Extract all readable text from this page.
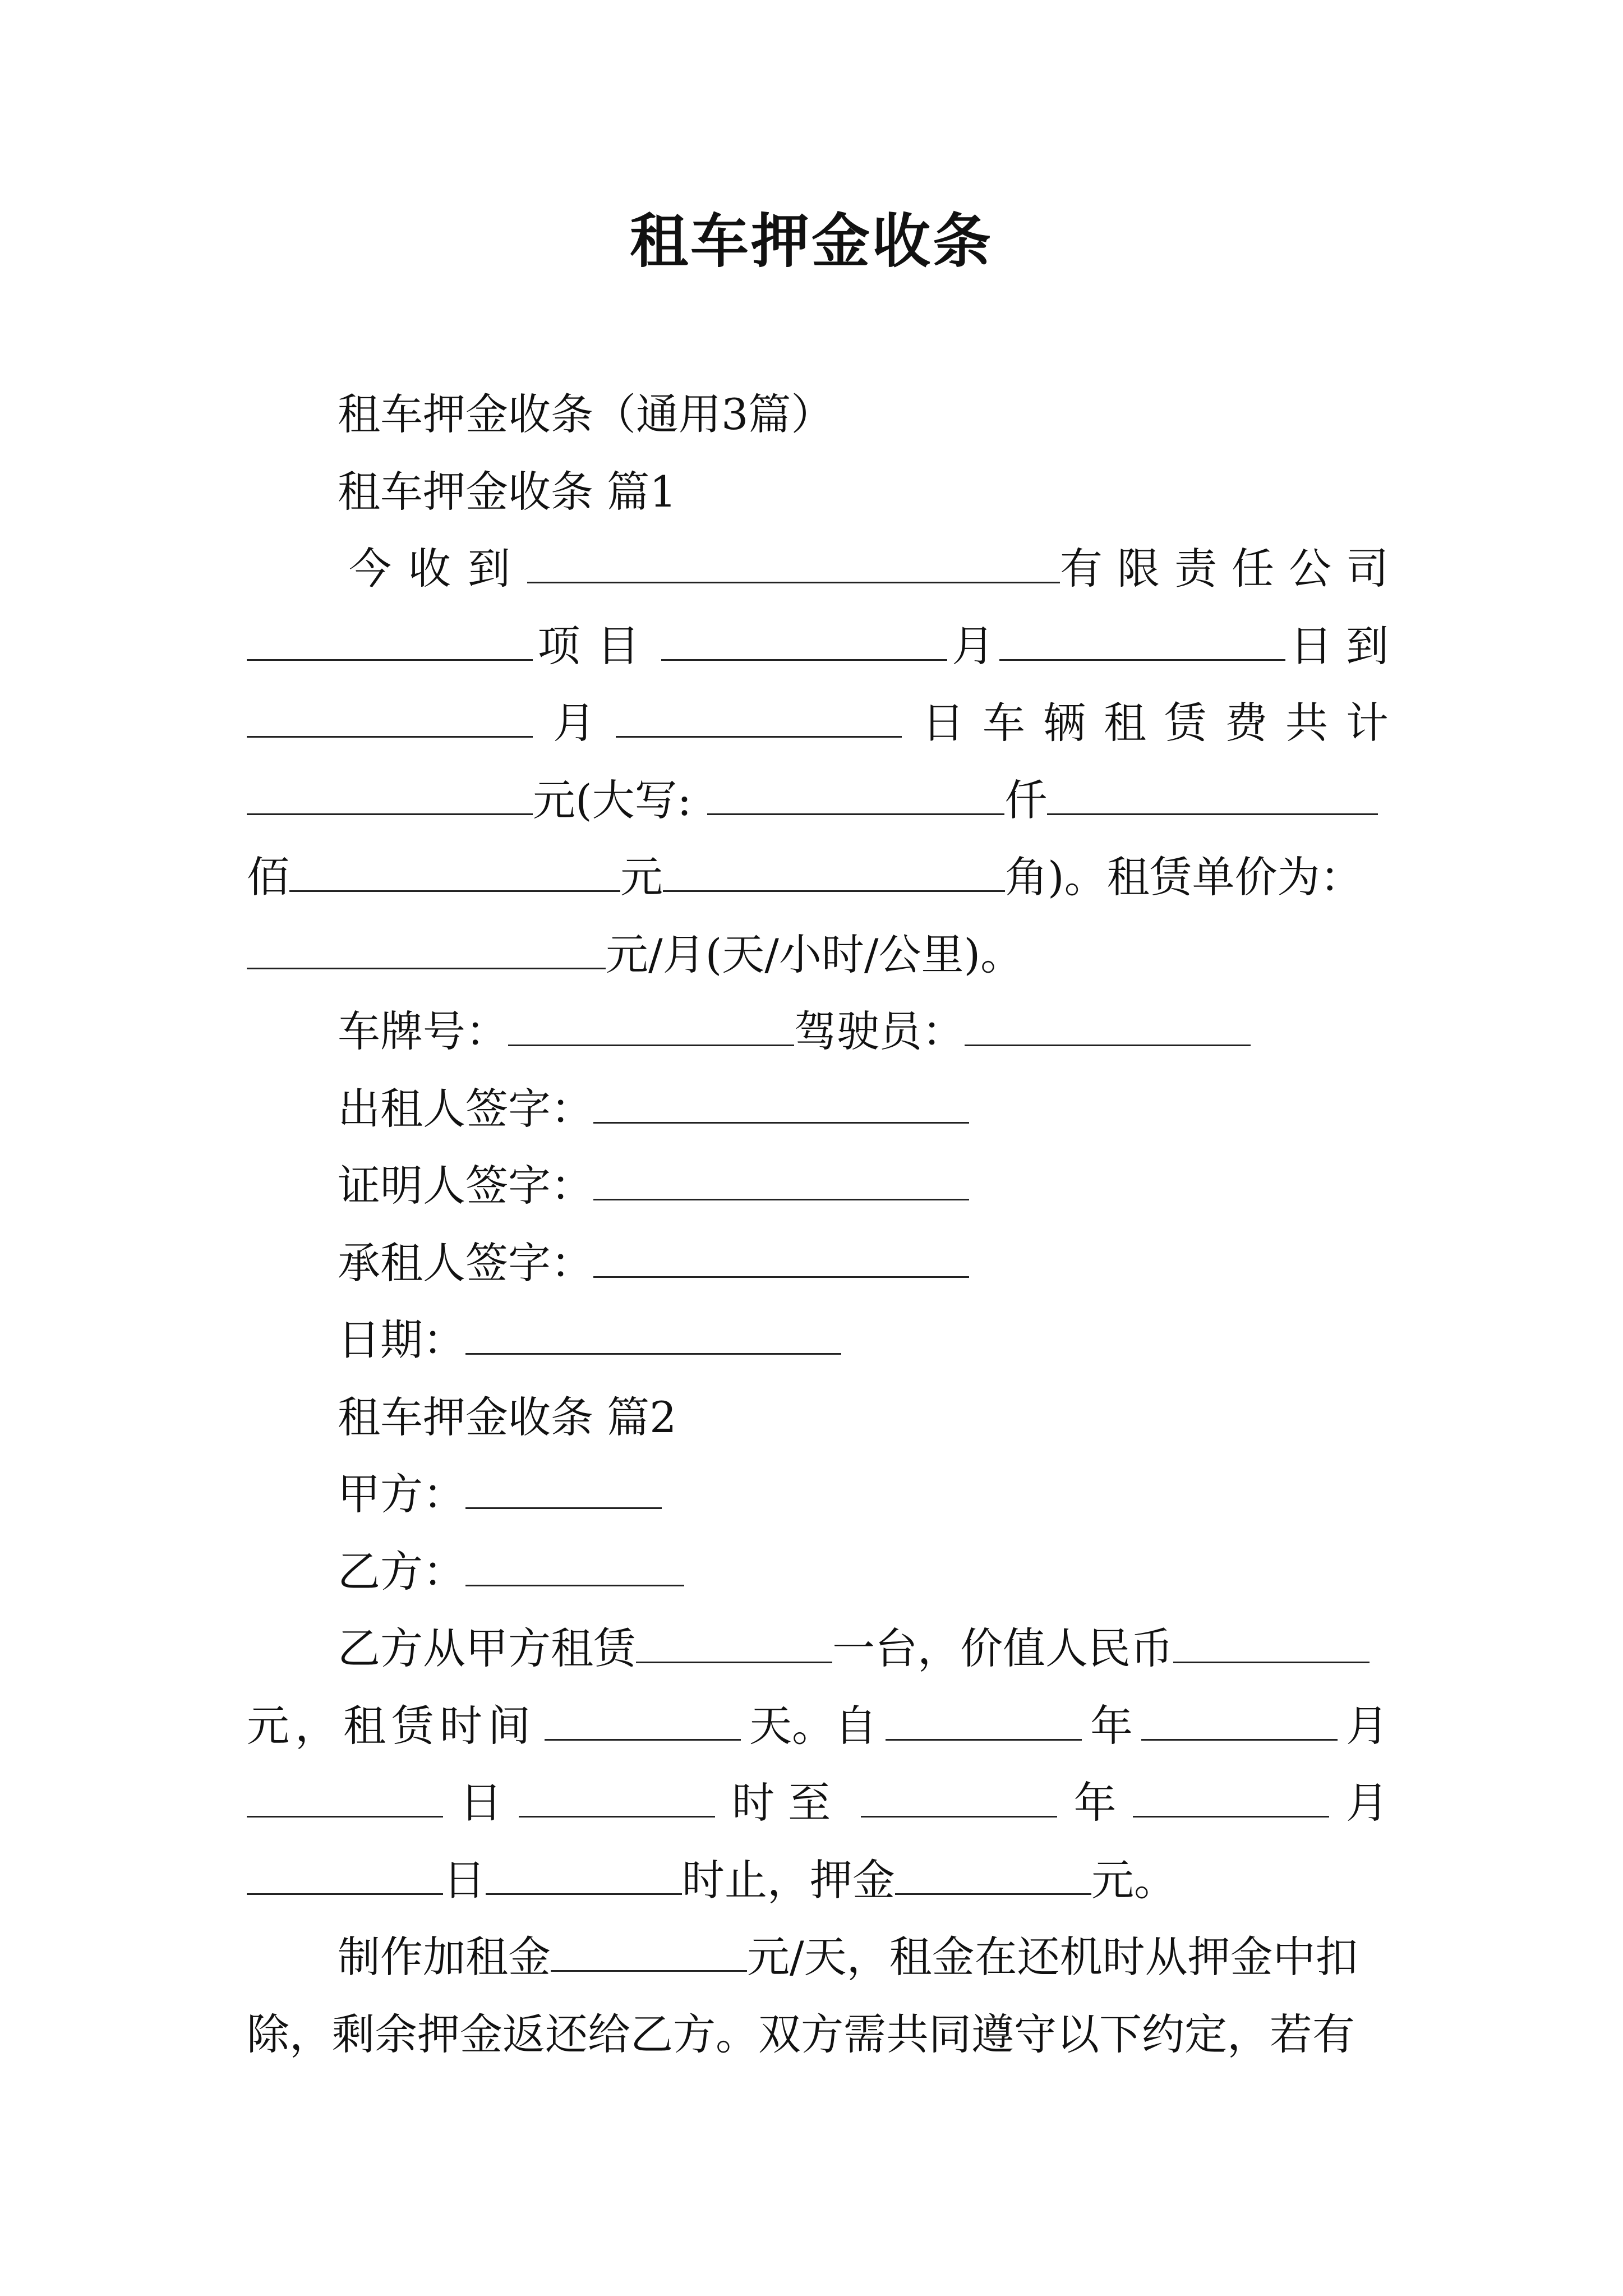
租车押金收条
租车押金收条（通用3篇）
租车押金收条 篇1
今收到	有限责任公司
项目	月	日到
月	日车辆租赁费共计
元(大写:	仟
佰	元	角)。租赁单价为：
元/月(天/小时/公里)。
车牌号：	驾驶员：
出租人签字：
证明人签字：
承租人签字：
日期：
租车押金收条 篇2
甲方：
乙方：
乙方从甲方租赁	一台，价值人民币
元，租赁时间	天。自	年	月
日	时至	年	月
日	时止，押金	元。
制作加租金	元/天，租金在还机时从押金中扣
除，剩余押金返还给乙方。双方需共同遵守以下约定，若有
